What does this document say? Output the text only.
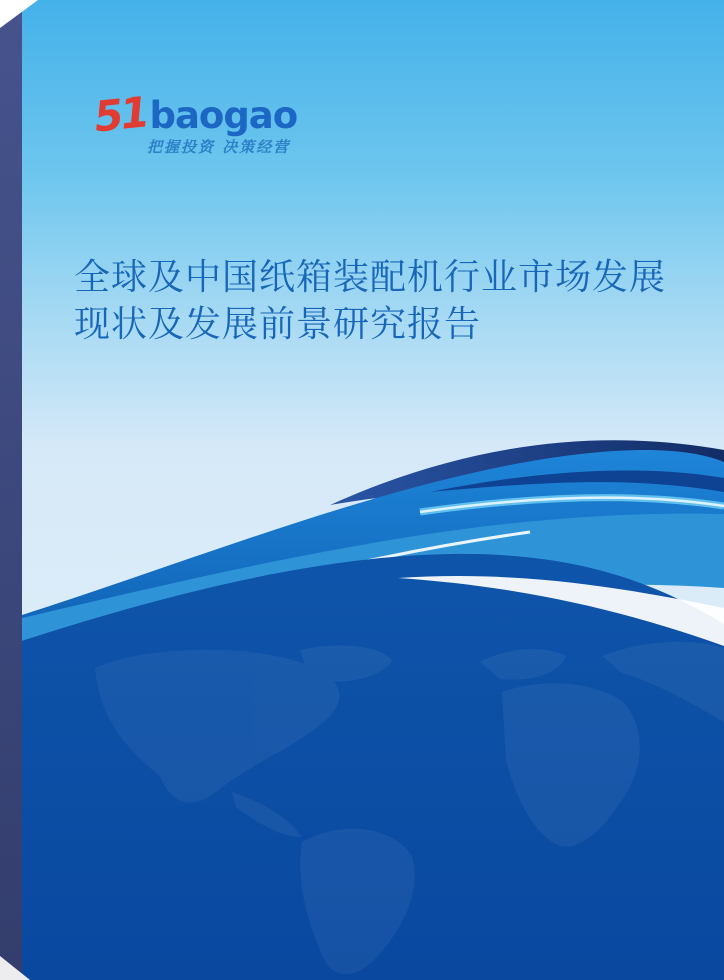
51 baogao
把握投资 决策经营
全球及中国纸箱装配机行业市场发展
现状及发展前景研究报告
